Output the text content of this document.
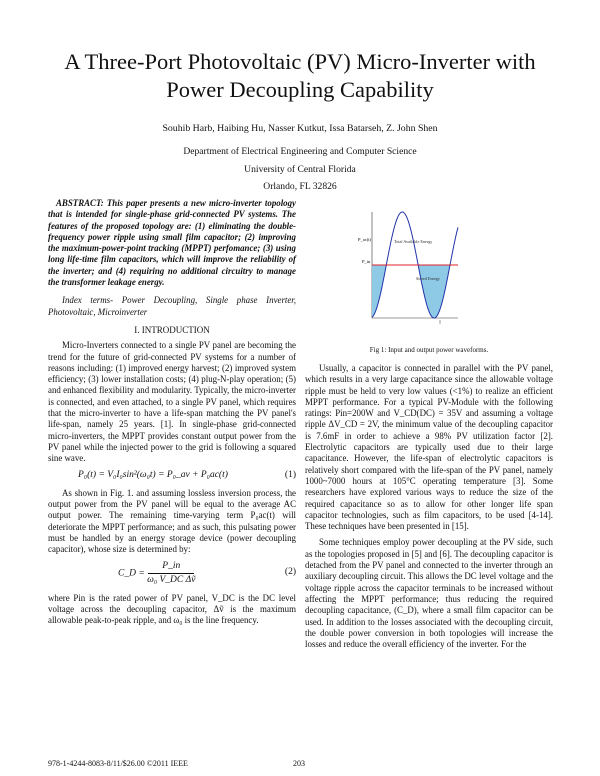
A Three-Port Photovoltaic (PV) Micro-Inverter with Power Decoupling Capability
Souhib Harb, Haibing Hu, Nasser Kutkut, Issa Batarseh, Z. John Shen
Department of Electrical Engineering and Computer Science
University of Central Florida
Orlando, FL 32826

ABSTRACT: This paper presents a new micro-inverter topology that is intended for single-phase grid-connected PV systems. The features of the proposed topology are: (1) eliminating the double-frequency power ripple using small film capacitor; (2) improving the maximum-power-point tracking (MPPT) perfomance; (3) using long life-time film capacitors, which will improve the reliability of the inverter; and (4) requiring no additional circuitry to manage the transformer leakage energy.

Index terms- Power Decoupling, Single phase Inverter, Photovoltaic, Microinverter

I. INTRODUCTION

Micro-Inverters connected to a single PV panel are becoming the trend for the future of grid-connected PV systems for a number of reasons including: (1) improved energy harvest; (2) improved system efficiency; (3) lower installation costs; (4) plug-N-play operation; (5) and enhanced flexibility and modularity. Typically, the micro-inverter is connected, and even attached, to a single PV panel, which requires that the micro-inverter to have a life-span matching the PV panel's life-span, namely 25 years. [1]. In single-phase grid-connected micro-inverters, the MPPT provides constant output power from the PV panel while the injected power to the grid is following a squared sine wave.

P₀(t) = V₀I₀sin²(ω₀t) = P₀_av + P₀ac(t)	(1)

As shown in Fig. 1. and assuming lossless inversion process, the output power from the PV panel will be equal to the average AC output power. The remaining time-varying term P₀ac(t) will deteriorate the MPPT performance; and as such, this pulsating power must be handled by an energy storage device (power decoupling capacitor), whose size is determined by:

C_D = $\frac{P\_in}{\text{ω₀ V\_DC Δṽ}}$	(2)

where Pin is the rated power of PV panel, V_DC is the DC level voltage across the decoupling capacitor, Δṽ is the maximum allowable peak-to-peak ripple, and ω₀ is the line frequency.

P_ac(t)
P_in
Total Available Energy
Stored Energy
Fig 1: Input and output power waveforms.

Usually, a capacitor is connected in parallel with the PV panel, which results in a very large capacitance since the allowable voltage ripple must be held to very low values (<1%) to realize an efficient MPPT performance. For a typical PV-Module with the following ratings: Pin=200W and V_CD(DC) = 35V and assuming a voltage ripple ΔV_CD = 2V, the minimum value of the decoupling capacitor is 7.6mF in order to achieve a 98% PV utilization factor [2]. Electrolytic capacitors are typically used due to their large capacitance. However, the life-span of electrolytic capacitors is relatively short compared with the life-span of the PV panel, namely 1000~7000 hours at 105°C operating temperature [3]. Some researchers have explored various ways to reduce the size of the required capacitance so as to allow for other longer life span capacitor technologies, such as film capacitors, to be used [4-14]. These techniques have been presented in [15].

Some techniques employ power decoupling at the PV side, such as the topologies proposed in [5] and [6]. The decoupling capacitor is detached from the PV panel and connected to the inverter through an auxiliary decoupling circuit. This allows the DC level voltage and the voltage ripple across the capacitor terminals to be increased without affecting the MPPT performance; thus reducing the required decoupling capacitance, (C_D), where a small film capacitor can be used. In addition to the losses associated with the decoupling circuit, the double power conversion in both topologies will increase the losses and reduce the overall efficiency of the inverter. For the

978-1-4244-8083-8/11/$26.00 ©2011 IEEE	203
